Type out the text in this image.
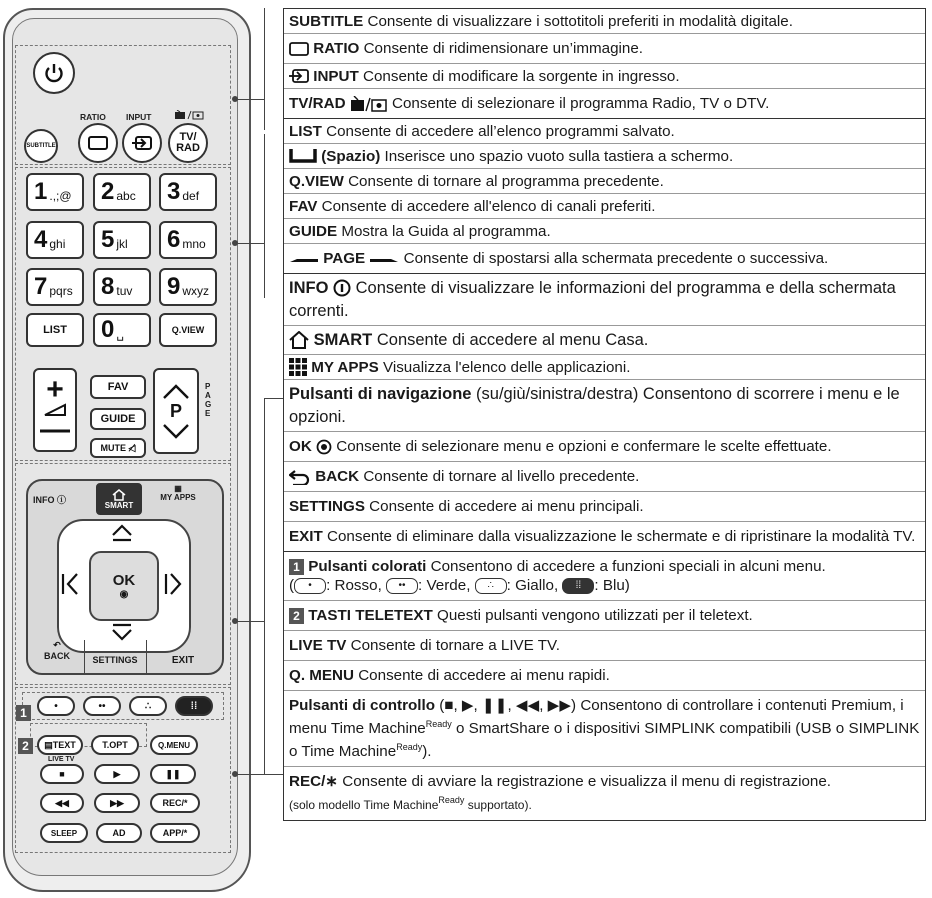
RATIO INPUT
SUBTITLE
TV/ RAD
1 .,;@ 2 abc 3 def
4 ghi 5 jkl 6 mno
7 pqrs 8 tuv 9 wxyz
LIST	0 ␣	Q.VIEW
+
—
FAV
GUIDE
MUTE
◁̸
P
PAGE
INFO ⓘ	SMART
▦
MY APPS
OK
◉
↶
BACK	SETTINGS	EXIT
1	•	••	∴	⁞⁞
2	▤ TEXT	T.OPT	Q.MENU
LIVE TV
■	▶	❚❚
◀◀	▶▶	REC/*
SLEEP	AD	APP/*
SUBTITLE Consente di visualizzare i sottotitoli preferiti in modalità digitale.
RATIO Consente di ridimensionare un’immagine.
INPUT Consente di modificare la sorgente in ingresso.
TV/RAD	Consente di selezionare il programma Radio, TV o DTV.
LIST Consente di accedere all’elenco programmi salvato.
(Spazio) Inserisce uno spazio vuoto sulla tastiera a schermo.
Q.VIEW Consente di tornare al programma precedente.
FAV Consente di accedere all'elenco di canali preferiti.
GUIDE Mostra la Guida al programma.
PAGE  Consente di spostarsi alla schermata precedente o successiva.
INFO  Consente di visualizzare le informazioni del programma e della schermata correnti.
SMART Consente di accedere al menu Casa.
MY APPS Visualizza l'elenco delle applicazioni.
Pulsanti di navigazione (su/giù/sinistra/destra) Consentono di scorrere i menu e le opzioni.
OK  Consente di selezionare menu e opzioni e confermare le scelte effettuate.
BACK Consente di tornare al livello precedente.
SETTINGS Consente di accedere ai menu principali.
EXIT Consente di eliminare dalla visualizzazione le schermate e di ripristinare la modalità TV.
1 Pulsanti colorati Consentono di accedere a funzioni speciali in alcuni menu.
( • : Rosso, •• : Verde, ∴ : Giallo, ⁞⁞ : Blu)
2 TASTI TELETEXT Questi pulsanti vengono utilizzati per il teletext.
LIVE TV Consente di tornare a LIVE TV.
Q. MENU Consente di accedere ai menu rapidi.
Pulsanti di controllo (■, ▶, ❚❚, ◀◀, ▶▶) Consentono di controllare i contenuti Premium, i menu Time Machine$^{Ready}$ o SmartShare o i dispositivi SIMPLINK compatibili (USB o SIMPLINK o Time Machine$^{Ready}$).
REC/∗ Consente di avviare la registrazione e visualizza il menu di registrazione.
(solo modello Time Machine$^{Ready}$ supportato).
